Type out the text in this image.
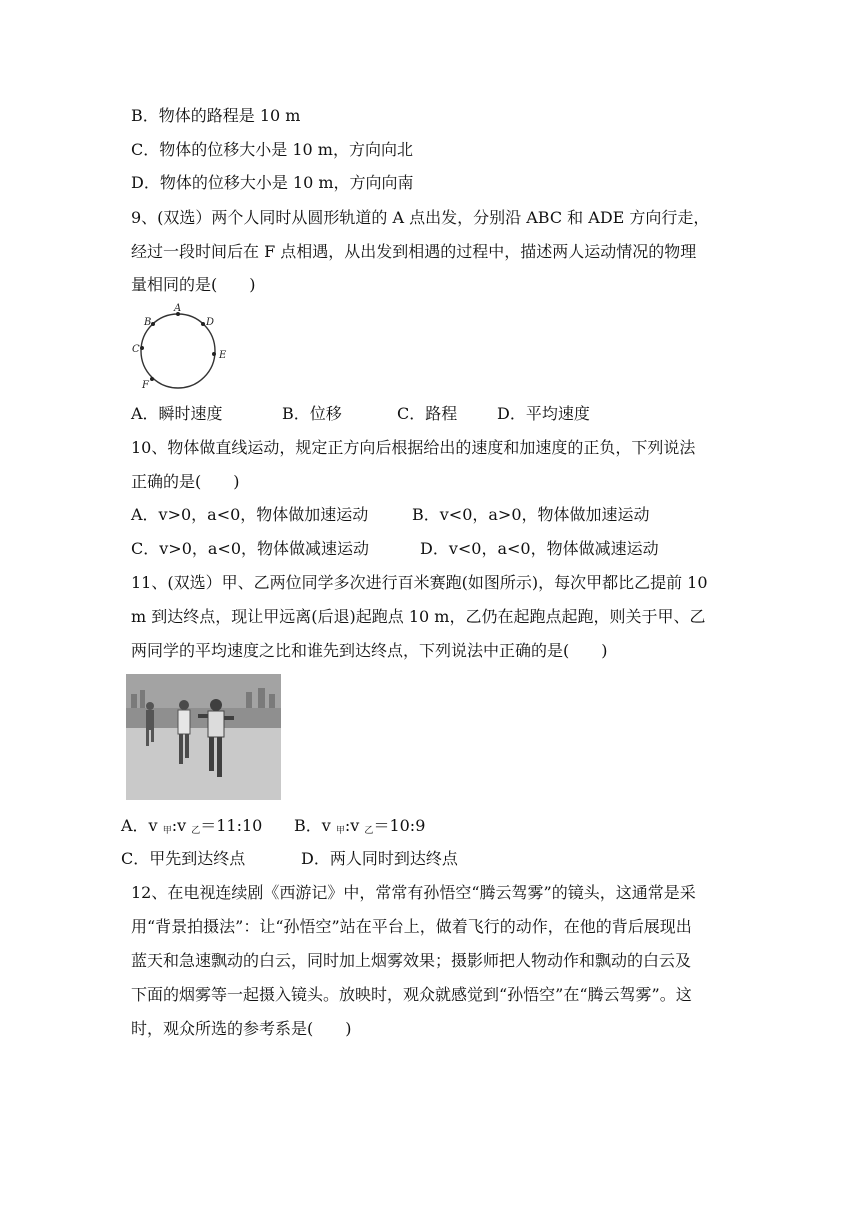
B．物体的路程是 10 m
C．物体的位移大小是 10 m，方向向北
D．物体的位移大小是 10 m，方向向南
9、(双选）两个人同时从圆形轨道的 A 点出发，分别沿 ABC 和 ADE 方向行走，
经过一段时间后在 F 点相遇，从出发到相遇的过程中，描述两人运动情况的物理
量相同的是(　　)
A
B
C
D
E
F
A．瞬时速度	B．位移	C．路程 D．平均速度
10、物体做直线运动，规定正方向后根据给出的速度和加速度的正负，下列说法
正确的是(　　)
A．v>0，a<0，物体做加速运动	B．v<0，a>0，物体做加速运动
C．v>0，a<0，物体做减速运动	D．v<0，a<0，物体做减速运动
11、(双选）甲、乙两位同学多次进行百米赛跑(如图所示)，每次甲都比乙提前 10
m 到达终点，现让甲远离(后退)起跑点 10 m，乙仍在起跑点起跑，则关于甲、乙
两同学的平均速度之比和谁先到达终点，下列说法中正确的是(　　)
A．v $_甲$:v $_乙$＝11:10 B．v $_甲$:v $_乙$＝10:9
C．甲先到达终点	D．两人同时到达终点
12、在电视连续剧《西游记》中，常常有孙悟空“腾云驾雾”的镜头，这通常是采
用“背景拍摄法”：让“孙悟空”站在平台上，做着飞行的动作，在他的背后展现出
蓝天和急速飘动的白云，同时加上烟雾效果；摄影师把人物动作和飘动的白云及
下面的烟雾等一起摄入镜头。放映时，观众就感觉到“孙悟空”在“腾云驾雾”。这
时，观众所选的参考系是(　　)
